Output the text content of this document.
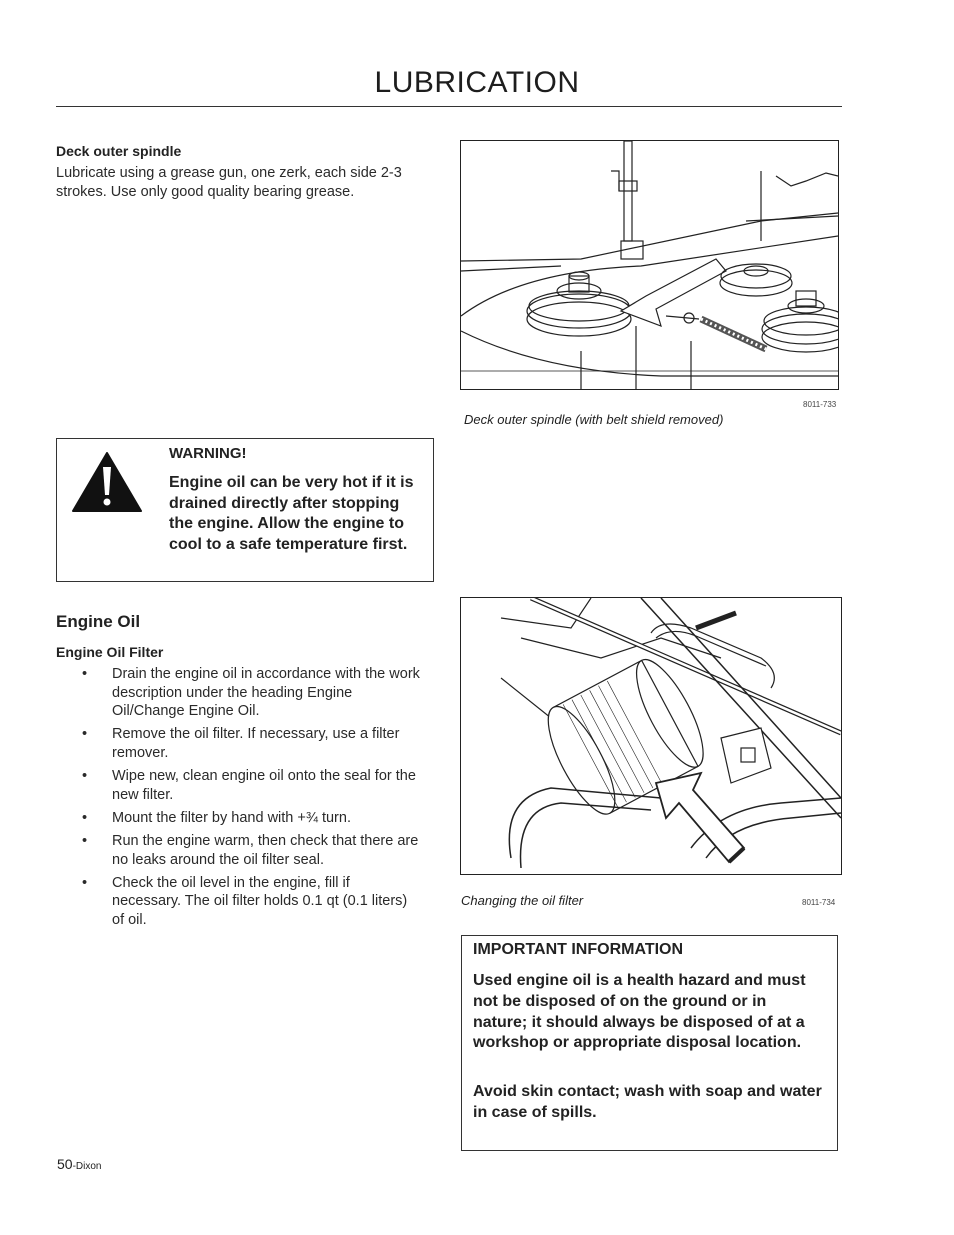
LUBRICATION
Deck outer spindle
Lubricate using a grease gun, one zerk, each side 2-3 strokes. Use only good quality bearing grease.
8011-733
Deck outer spindle (with belt shield removed)
WARNING!
Engine oil can be very hot if it is drained directly after stopping the engine. Allow the engine to cool to a safe temperature first.
Engine Oil
Engine Oil Filter
• Drain the engine oil in accordance with the work description under the heading Engine Oil/Change Engine Oil.
• Remove the oil filter. If necessary, use a filter remover.
• Wipe new, clean engine oil onto the seal for the new filter.
• Mount the filter by hand with +¾ turn.
• Run the engine warm, then check that there are no leaks around the oil filter seal.
• Check the oil level in the engine, fill if necessary. The oil filter holds 0.1 qt (0.1 liters) of oil.
Changing the oil filter	8011-734
IMPORTANT INFORMATION
Used engine oil is a health hazard and must not be disposed of on the ground or in nature; it should always be disposed of at a workshop or appropriate disposal location.
Avoid skin contact; wash with soap and water in case of spills.
50-Dixon
